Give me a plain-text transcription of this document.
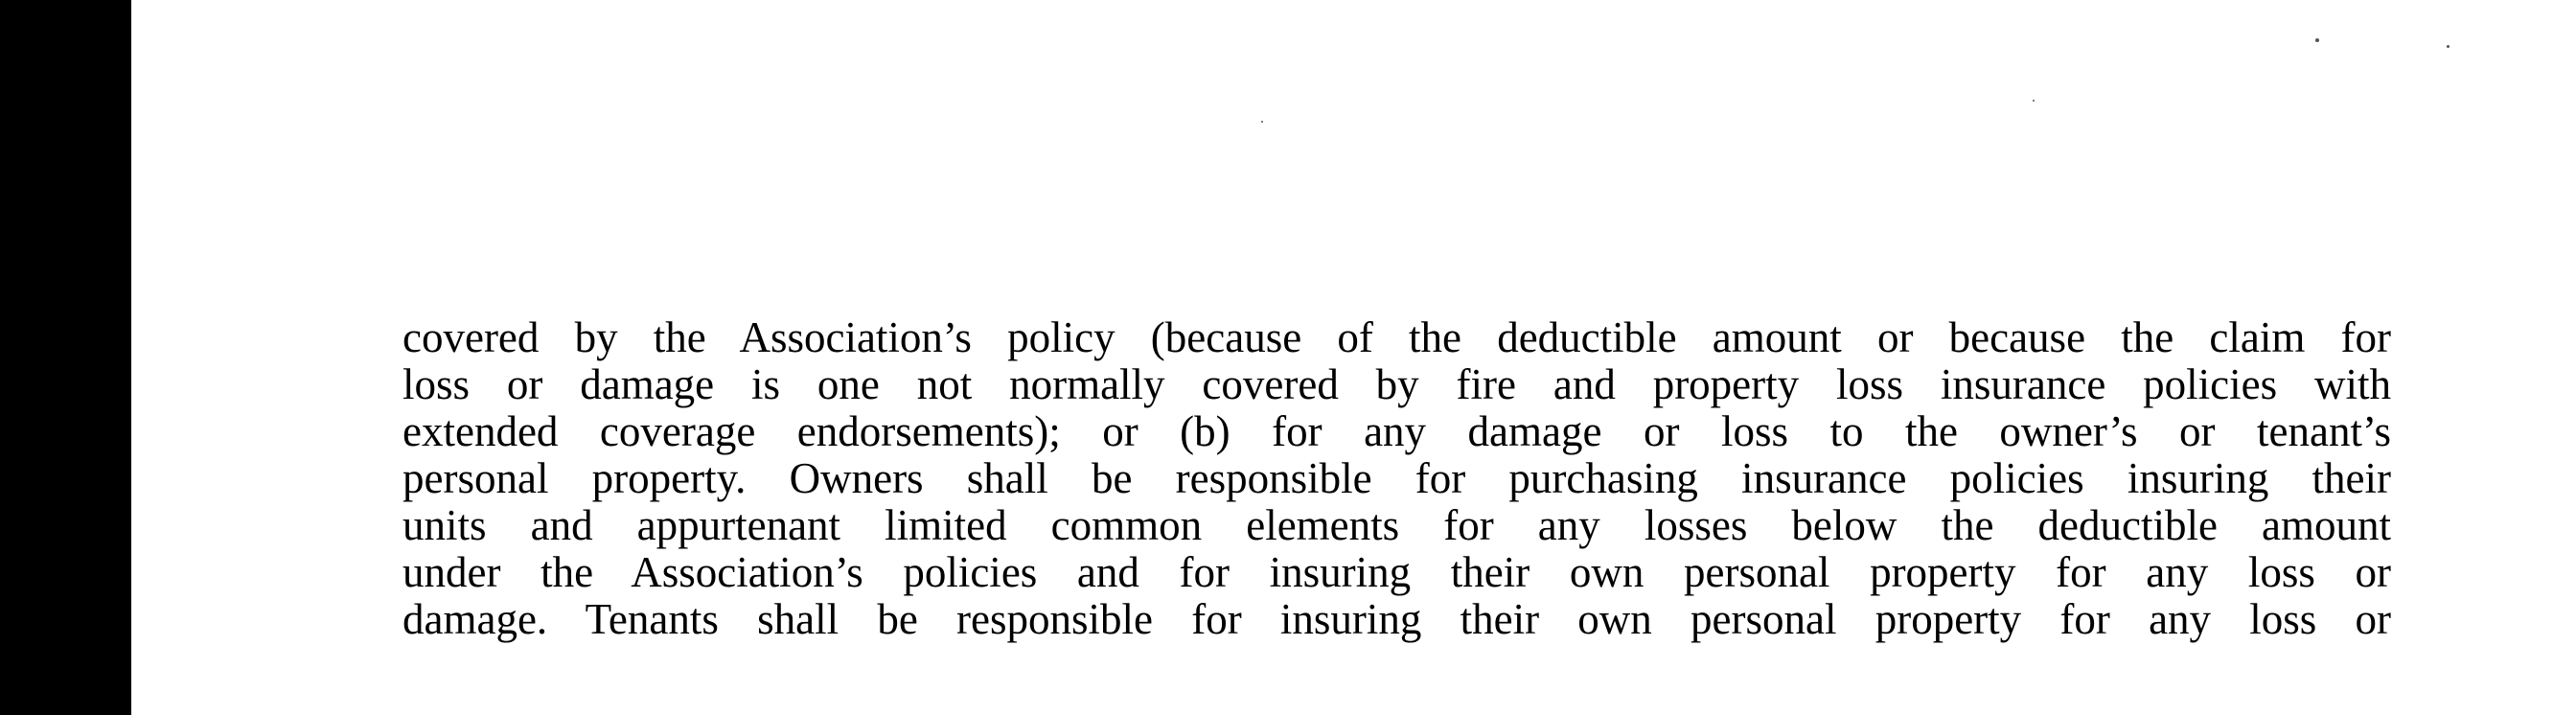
covered by the Association’s policy (because of the deductible amount or because the claim for
loss or damage is one not normally covered by fire and property loss insurance policies with
extended coverage endorsements); or (b) for any damage or loss to the owner’s or tenant’s
personal property. Owners shall be responsible for purchasing insurance policies insuring their
units and appurtenant limited common elements for any losses below the deductible amount
under the Association’s policies and for insuring their own personal property for any loss or
damage. Tenants shall be responsible for insuring their own personal property for any loss or
